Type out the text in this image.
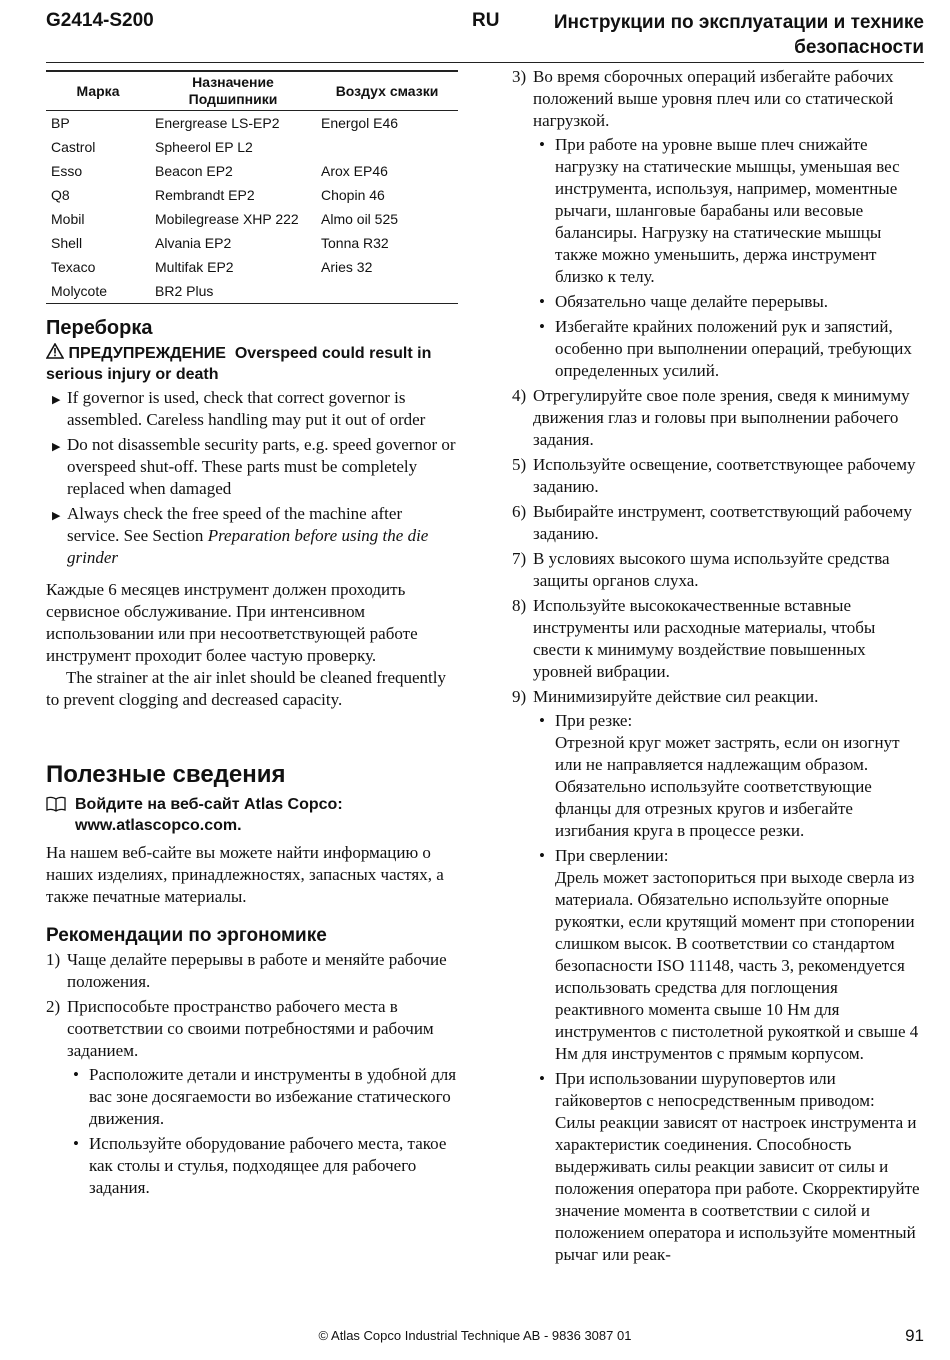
G2414-S200	RU	Инструкции по эксплуатации и технике безопасности
Марка	Назначение Подшипники	Воздух смазки
BP	Energrease LS-EP2	Energol E46
Castrol	Spheerol EP L2	
Esso	Beacon EP2	Arox EP46
Q8	Rembrandt EP2	Chopin 46
Mobil	Mobilegrease XHP 222	Almo oil 525
Shell	Alvania EP2	Tonna R32
Texaco	Multifak EP2	Aries 32
Molycote	BR2 Plus	
Переборка
ПРЕДУПРЕЖДЕНИЕ Overspeed could result in serious injury or death
▶ If governor is used, check that correct governor is assembled. Careless handling may put it out of order
▶ Do not disassemble security parts, e.g. speed governor or overspeed shut-off. These parts must be completely replaced when damaged
▶ Always check the free speed of the machine after service. See Section Preparation before using the die grinder

Каждые 6 месяцев инструмент должен проходить сервисное обслуживание. При интенсивном использовании или при несоответствующей работе инструмент проходит более частую проверку.

The strainer at the air inlet should be cleaned frequently to prevent clogging and decreased capacity.

Полезные сведения
Войдите на веб-сайт Atlas Copco: www.atlascopco.com.

На нашем веб-сайте вы можете найти информацию о наших изделиях, принадлежностях, запасных частях, а также печатные материалы.

Рекомендации по эргономике
1) Чаще делайте перерывы в работе и меняйте рабочие положения.
2) Приспособьте пространство рабочего места в соответствии со своими потребностями и рабочим заданием.
• Расположите детали и инструменты в удобной для вас зоне досягаемости во избежание статического движения.
• Используйте оборудование рабочего места, такое как столы и стулья, подходящее для рабочего задания.
3) Во время сборочных операций избегайте рабочих положений выше уровня плеч или со статической нагрузкой.
• При работе на уровне выше плеч снижайте нагрузку на статические мышцы, уменьшая вес инструмента, используя, например, моментные рычаги, шланговые барабаны или весовые балансиры. Нагрузку на статические мышцы также можно уменьшить, держа инструмент близко к телу.
• Обязательно чаще делайте перерывы.
• Избегайте крайних положений рук и запястий, особенно при выполнении операций, требующих определенных усилий.
4) Отрегулируйте свое поле зрения, сведя к минимуму движения глаз и головы при выполнении рабочего задания.
5) Используйте освещение, соответствующее рабочему заданию.
6) Выбирайте инструмент, соответствующий рабочему заданию.
7) В условиях высокого шума используйте средства защиты органов слуха.
8) Используйте высококачественные вставные инструменты или расходные материалы, чтобы свести к минимуму воздействие повышенных уровней вибрации.
9) Минимизируйте действие сил реакции.
• При резке:
Отрезной круг может застрять, если он изогнут или не направляется надлежащим образом. Обязательно используйте соответствующие фланцы для отрезных кругов и избегайте изгибания круга в процессе резки.
• При сверлении:
Дрель может застопориться при выходе сверла из материала. Обязательно используйте опорные рукоятки, если крутящий момент при стопорении слишком высок. В соответствии со стандартом безопасности ISO 11148, часть 3, рекомендуется использовать средства для поглощения реактивного момента свыше 10 Нм для инструментов с пистолетной рукояткой и свыше 4 Нм для инструментов с прямым корпусом.
• При использовании шуруповертов или гайковертов с непосредственным приводом:
Силы реакции зависят от настроек инструмента и характеристик соединения. Способность выдерживать силы реакции зависит от силы и положения оператора при работе. Скорректируйте значение момента в соответствии с силой и положением оператора и используйте моментный рычаг или реак-
© Atlas Copco Industrial Technique AB - 9836 3087 01	91
